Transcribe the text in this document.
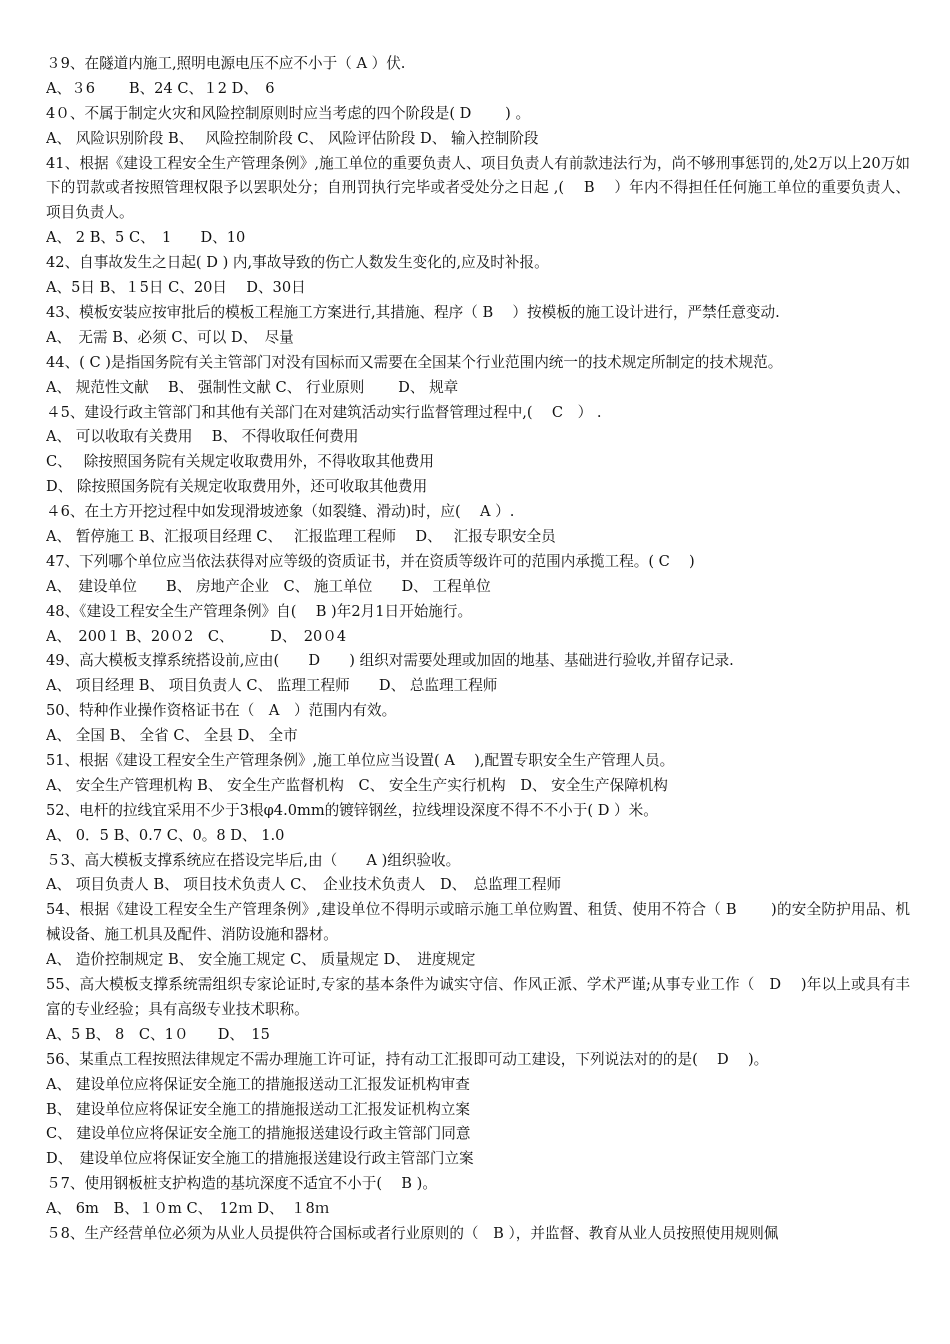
３9、在隧道内施工,照明电源电压不应不小于（ A ）伏.
A、３6 　　B、24 C、１2 D、　6
4０、不属于制定火灾和风险控制原则时应当考虑的四个阶段是( D 　　) 。
A、 风险识别阶段 B、　 风险控制阶段 C、 风险评估阶段 D、 输入控制阶段
41、根据《建设工程安全生产管理条例》,施工单位的重要负责人、项目负责人有前款违法行为，尚不够刑事惩罚的,处2万以上20万如下的罚款或者按照管理权限予以罢职处分；自刑罚执行完毕或者受处分之日起 ,(　 B　 ）年内不得担任任何施工单位的重要负责人、项目负责人。
A、 2 B、5 C、　1　　D、10
42、自事故发生之日起( D ) 内,事故导致的伤亡人数发生变化的,应及时补报。
A、5日 B、１5日 C、20日　 D、30日
43、模板安装应按审批后的模板工程施工方案进行,其措施、程序（ B 　）按模板的施工设计进行，严禁任意变动.
A、　无需 B、必须 C、可以 D、　尽量
44、( C )是指国务院有关主管部门对没有国标而又需要在全国某个行业范围内统一的技术规定所制定的技术规范。
A、 规范性文献　 B、 强制性文献 C、 行业原则　　 D、 规章
４5、建设行政主管部门和其他有关部门在对建筑活动实行监督管理过程中,( 　C　） .
A、 可以收取有关费用　 B、 不得收取任何费用
C、　 除按照国务院有关规定收取费用外，不得收取其他费用
D、 除按照国务院有关规定收取费用外，还可收取其他费用
４6、在土方开挖过程中如发现滑坡迹象（如裂缝、滑动)时，应( 　A ）.
A、 暂停施工 B、汇报项目经理 C、　 汇报监理工程师 　D、　 汇报专职安全员
47、下列哪个单位应当依法获得对应等级的资质证书，并在资质等级许可的范围内承揽工程。( C　 )
A、　建设单位　　B、 房地产企业　C、 施工单位　　D、 工程单位
48、《建设工程安全生产管理条例》自(　 B )年2月1日开始施行。
A、　200１ B、20０2　C、　　　D、　20０4
49、高大模板支撑系统搭设前,应由(　　D　　) 组织对需要处理或加固的地基、基础进行验收,并留存记录.
A、 项目经理 B、 项目负责人 C、 监理工程师　　D、 总监理工程师
50、特种作业操作资格证书在（　A　）范围内有效。
A、 全国 B、 全省 C、 全县 D、 全市
51、根据《建设工程安全生产管理条例》,施工单位应当设置( A 　),配置专职安全生产管理人员。
A、 安全生产管理机构 B、 安全生产监督机构　C、 安全生产实行机构　D、 安全生产保障机构
52、电杆的拉线宜采用不少于3根φ4.0mm的镀锌钢丝，拉线埋设深度不得不不小于( D ）米。
A、 0．5 B、0.7 C、0。8 D、 1.0
５3、高大模板支撑系统应在搭设完毕后,由（　　A )组织验收。
A、 项目负责人 B、 项目技术负责人 C、　企业技术负责人　D、　总监理工程师
54、根据《建设工程安全生产管理条例》,建设单位不得明示或暗示施工单位购置、租赁、使用不符合（ B 　　)的安全防护用品、机械设备、施工机具及配件、消防设施和器材。
A、 造价控制规定 B、 安全施工规定 C、 质量规定 D、　进度规定
55、高大模板支撑系统需组织专家论证时,专家的基本条件为诚实守信、作风正派、学术严谨;从事专业工作（　D　 )年以上或具有丰富的专业经验；具有高级专业技术职称。
A、5 B、 8　C、1０　　D、　15
56、某重点工程按照法律规定不需办理施工许可证，持有动工汇报即可动工建设，下列说法对的的是( 　D　 )。
A、 建设单位应将保证安全施工的措施报送动工汇报发证机构审查
B、 建设单位应将保证安全施工的措施报送动工汇报发证机构立案
C、 建设单位应将保证安全施工的措施报送建设行政主管部门同意
D、　建设单位应将保证安全施工的措施报送建设行政主管部门立案
５7、使用钢板桩支护构造的基坑深度不适宜不小于( 　B )。
A、 6m　B、１０m C、　12ｍ D、　１8ｍ
５8、生产经营单位必须为从业人员提供符合国标或者行业原则的（　B ），并监督、教育从业人员按照使用规则佩
